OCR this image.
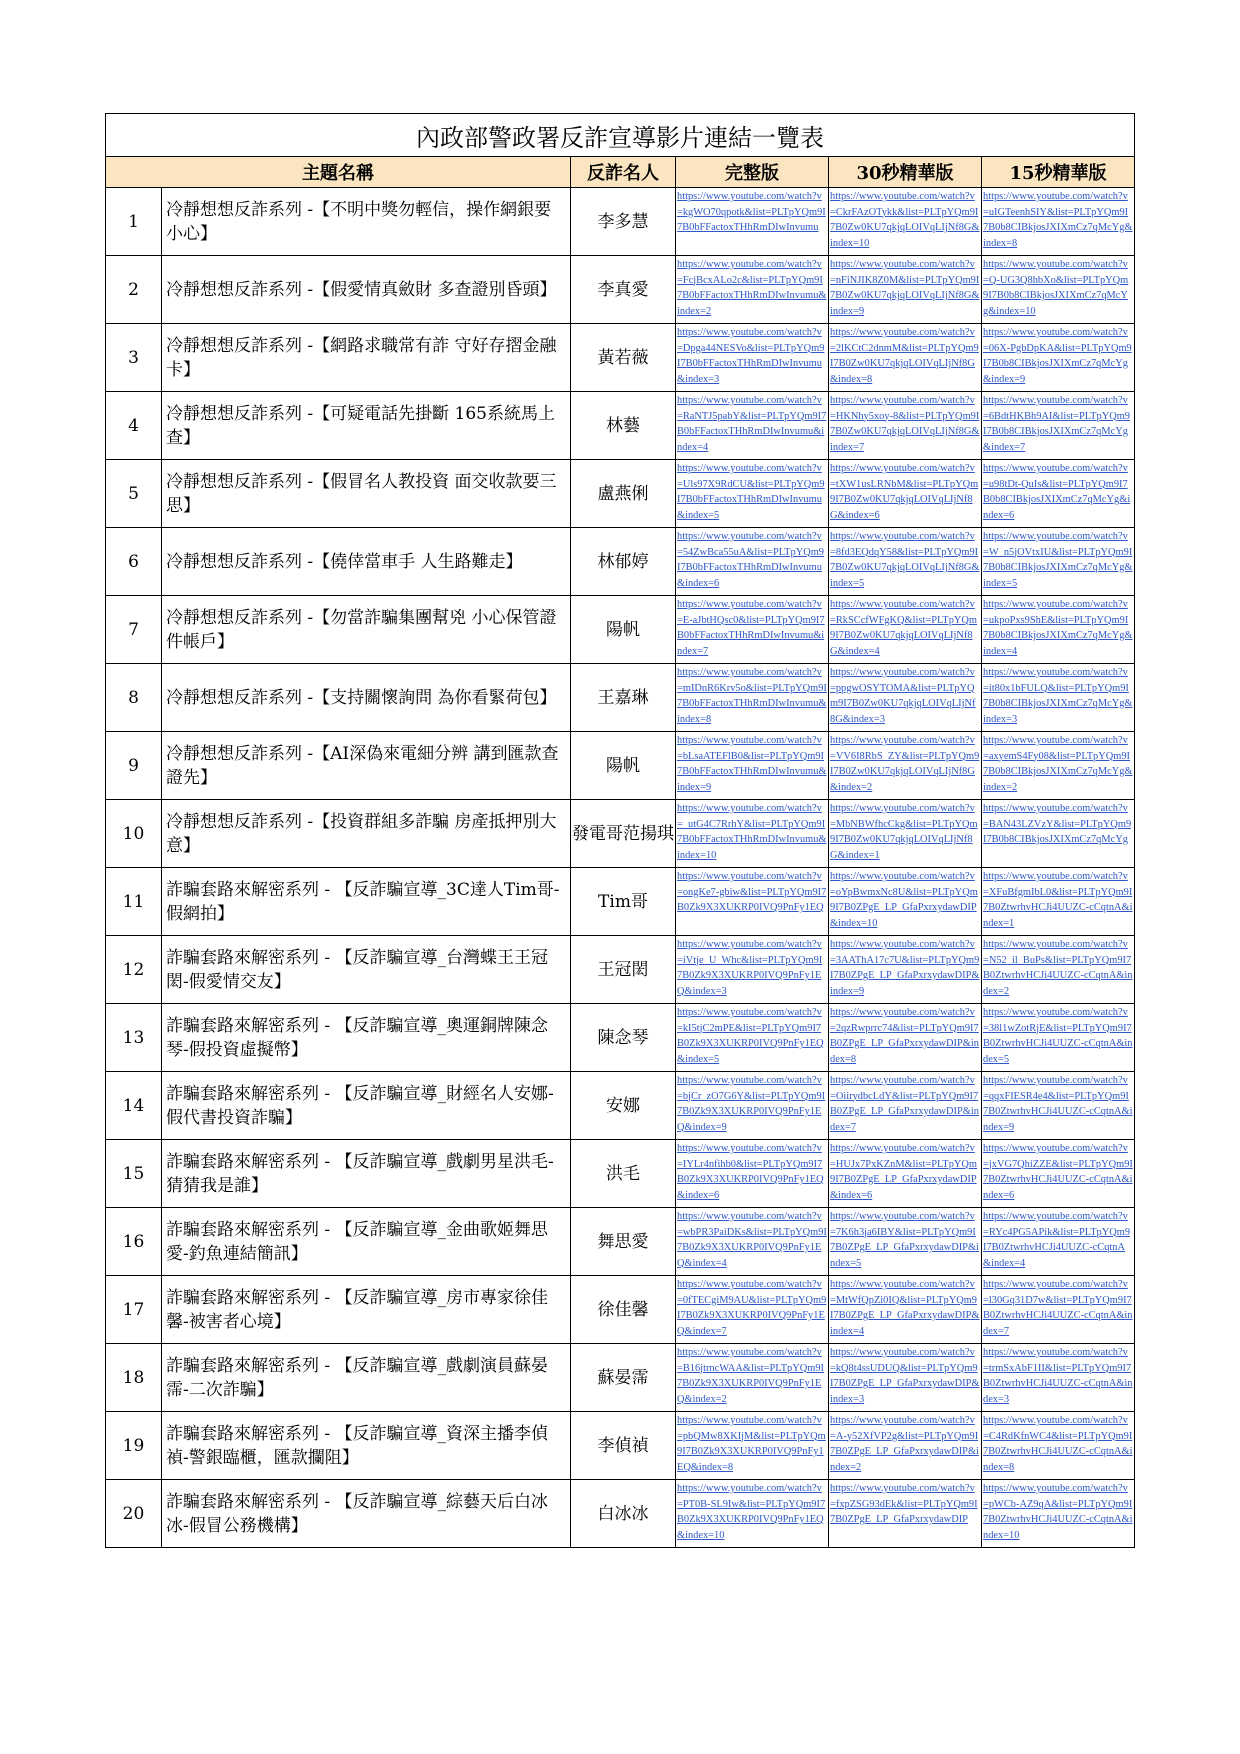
內政部警政署反詐宣導影片連結一覽表					
主題名稱		反詐名人	完整版	30秒精華版	15秒精華版
1	冷靜想想反詐系列 -【不明中獎勿輕信，操作網銀要小心】	李多慧	https://www.youtube.com/watch?v=kgWO70qpotk&list=PLTpYQm9I7B0bFFactoxTHhRmDIwInvumu	https://www.youtube.com/watch?v=CkrFAzOTykk&list=PLTpYQm9I7B0Zw0KU7qkjqLOIVqLIjNf8G&index=10	https://www.youtube.com/watch?v=uIGTeenhSIY&list=PLTpYQm9I7B0b8CIBkjosJXIXmCz7qMcYg&index=8

2	冷靜想想反詐系列 -【假愛情真斂財 多查證別昏頭】	李真愛	https://www.youtube.com/watch?v=FcjBcxALo2c&list=PLTpYQm9I7B0bFFactoxTHhRmDIwInvumu&index=2	https://www.youtube.com/watch?v=nFiNJIK8Z0M&list=PLTpYQm9I7B0Zw0KU7qkjqLOIVqLIjNf8G&index=9	https://www.youtube.com/watch?v=Q-UG3Q8hbXo&list=PLTpYQm9I7B0b8CIBkjosJXIXmCz7qMcYg&index=10

3	冷靜想想反詐系列 -【網路求職常有詐 守好存摺金融卡】	黃若薇	https://www.youtube.com/watch?v=Dpga44NESVo&list=PLTpYQm9I7B0bFFactoxTHhRmDIwInvumu&index=3	https://www.youtube.com/watch?v=2lKCtC2dnmM&list=PLTpYQm9I7B0Zw0KU7qkjqLOIVqLIjNf8G&index=8	https://www.youtube.com/watch?v=06X-PgbDpKA&list=PLTpYQm9I7B0b8CIBkjosJXIXmCz7qMcYg&index=9

4	冷靜想想反詐系列 -【可疑電話先掛斷 165系統馬上查】	林藝	https://www.youtube.com/watch?v=RaNTJ5pabY&list=PLTpYQm9I7B0bFFactoxTHhRmDIwInvumu&index=4	https://www.youtube.com/watch?v=HKNhy5xoy-8&list=PLTpYQm9I7B0Zw0KU7qkjqLOIVqLIjNf8G&index=7	https://www.youtube.com/watch?v=6BdtHKBh9AI&list=PLTpYQm9I7B0b8CIBkjosJXIXmCz7qMcYg&index=7

5	冷靜想想反詐系列 -【假冒名人教投資 面交收款要三思】	盧燕俐	https://www.youtube.com/watch?v=Uls97X9RdCU&list=PLTpYQm9I7B0bFFactoxTHhRmDIwInvumu&index=5	https://www.youtube.com/watch?v=tXW1usLRNbM&list=PLTpYQm9I7B0Zw0KU7qkjqLOIVqLIjNf8G&index=6	https://www.youtube.com/watch?v=u98tDt-QuIs&list=PLTpYQm9I7B0b8CIBkjosJXIXmCz7qMcYg&index=6

6	冷靜想想反詐系列 -【僥倖當車手 人生路難走】	林郁婷	https://www.youtube.com/watch?v=54ZwBca55uA&list=PLTpYQm9I7B0bFFactoxTHhRmDIwInvumu&index=6	https://www.youtube.com/watch?v=8fd3EQdqY58&list=PLTpYQm9I7B0Zw0KU7qkjqLOIVqLIjNf8G&index=5	https://www.youtube.com/watch?v=W_n5jOVtxIU&list=PLTpYQm9I7B0b8CIBkjosJXIXmCz7qMcYg&index=5

7	冷靜想想反詐系列 -【勿當詐騙集團幫兇 小心保管證件帳戶】	陽帆	https://www.youtube.com/watch?v=E-aJbtHQsc0&list=PLTpYQm9I7B0bFFactoxTHhRmDIwInvumu&index=7	https://www.youtube.com/watch?v=RkSCcfWFgKQ&list=PLTpYQm9I7B0Zw0KU7qkjqLOIVqLIjNf8G&index=4	https://www.youtube.com/watch?v=ukpoPxs9ShE&list=PLTpYQm9I7B0b8CIBkjosJXIXmCz7qMcYg&index=4

8	冷靜想想反詐系列 -【支持關懷詢問 為你看緊荷包】	王嘉琳	https://www.youtube.com/watch?v=mIDnR6Krv5o&list=PLTpYQm9I7B0bFFactoxTHhRmDIwInvumu&index=8	https://www.youtube.com/watch?v=ppgwOSYTOMA&list=PLTpYQm9I7B0Zw0KU7qkjqLOIVqLIjNf8G&index=3	https://www.youtube.com/watch?v=it80x1bFULQ&list=PLTpYQm9I7B0b8CIBkjosJXIXmCz7qMcYg&index=3

9	冷靜想想反詐系列 -【AI深偽來電細分辨 講到匯款查證先】	陽帆	https://www.youtube.com/watch?v=bLsaATEFlB0&list=PLTpYQm9I7B0bFFactoxTHhRmDIwInvumu&index=9	https://www.youtube.com/watch?v=VV6I8RbS_ZY&list=PLTpYQm9I7B0Zw0KU7qkjqLOIVqLIjNf8G&index=2	https://www.youtube.com/watch?v=axyemS4Fy08&list=PLTpYQm9I7B0b8CIBkjosJXIXmCz7qMcYg&index=2

10	冷靜想想反詐系列 -【投資群組多詐騙 房產抵押別大意】	發電哥范揚琪	https://www.youtube.com/watch?v=_utG4C7RrhY&list=PLTpYQm9I7B0bFFactoxTHhRmDIwInvumu&index=10	https://www.youtube.com/watch?v=MbNBWfhcCkg&list=PLTpYQm9I7B0Zw0KU7qkjqLOIVqLIjNf8G&index=1	https://www.youtube.com/watch?v=BAN43LZVzY&list=PLTpYQm9I7B0b8CIBkjosJXIXmCz7qMcYg

11	詐騙套路來解密系列 - 【反詐騙宣導_3C達人Tim哥-假網拍】	Tim哥	https://www.youtube.com/watch?v=ongKe7-gbiw&list=PLTpYQm9I7B0Zk9X3XUKRP0IVQ9PnFy1EQ	https://www.youtube.com/watch?v=oYpBwmxNc8U&list=PLTpYQm9I7B0ZPgE_LP_GfaPxrxydawDIP&index=10	https://www.youtube.com/watch?v=XFuBfgmIbL0&list=PLTpYQm9I7B0ZtwrhvHCJi4UUZC-cCqtnA&index=1

12	詐騙套路來解密系列 - 【反詐騙宣導_台灣蝶王王冠閎-假愛情交友】	王冠閎	https://www.youtube.com/watch?v=iVtje_U_Whc&list=PLTpYQm9I7B0Zk9X3XUKRP0IVQ9PnFy1EQ&index=3	https://www.youtube.com/watch?v=3AAThA17c7U&list=PLTpYQm9I7B0ZPgE_LP_GfaPxrxydawDIP&index=9	https://www.youtube.com/watch?v=N52_il_BuPs&list=PLTpYQm9I7B0ZtwrhvHCJi4UUZC-cCqtnA&index=2

13	詐騙套路來解密系列 - 【反詐騙宣導_奧運銅牌陳念琴-假投資虛擬幣】	陳念琴	https://www.youtube.com/watch?v=kI5tjC2mPE&list=PLTpYQm9I7B0Zk9X3XUKRP0IVQ9PnFy1EQ&index=5	https://www.youtube.com/watch?v=2qzRwprrc74&list=PLTpYQm9I7B0ZPgE_LP_GfaPxrxydawDIP&index=8	https://www.youtube.com/watch?v=38l1wZotRjE&list=PLTpYQm9I7B0ZtwrhvHCJi4UUZC-cCqtnA&index=5

14	詐騙套路來解密系列 - 【反詐騙宣導_財經名人安娜-假代書投資詐騙】	安娜	https://www.youtube.com/watch?v=bjCr_zO7G6Y&list=PLTpYQm9I7B0Zk9X3XUKRP0IVQ9PnFy1EQ&index=9	https://www.youtube.com/watch?v=OiirydbcLdY&list=PLTpYQm9I7B0ZPgE_LP_GfaPxrxydawDIP&index=7	https://www.youtube.com/watch?v=qqxFIESR4e4&list=PLTpYQm9I7B0ZtwrhvHCJi4UUZC-cCqtnA&index=9

15	詐騙套路來解密系列 - 【反詐騙宣導_戲劇男星洪毛-猜猜我是誰】	洪毛	https://www.youtube.com/watch?v=IYLr4nfihb0&list=PLTpYQm9I7B0Zk9X3XUKRP0IVQ9PnFy1EQ&index=6	https://www.youtube.com/watch?v=HUJx7PxKZnM&list=PLTpYQm9I7B0ZPgE_LP_GfaPxrxydawDIP&index=6	https://www.youtube.com/watch?v=jxVG7QhiZZE&list=PLTpYQm9I7B0ZtwrhvHCJi4UUZC-cCqtnA&index=6

16	詐騙套路來解密系列 - 【反詐騙宣導_金曲歌姬舞思愛-釣魚連結簡訊】	舞思愛	https://www.youtube.com/watch?v=wbPR3PaiDKs&list=PLTpYQm9I7B0Zk9X3XUKRP0IVQ9PnFy1EQ&index=4	https://www.youtube.com/watch?v=7K6h3ja6IBY&list=PLTpYQm9I7B0ZPgE_LP_GfaPxrxydawDIP&index=5	https://www.youtube.com/watch?v=RYc4PG5APik&list=PLTpYQm9I7B0ZtwrhvHCJi4UUZC-cCqtnA&index=4

17	詐騙套路來解密系列 - 【反詐騙宣導_房市專家徐佳馨-被害者心境】	徐佳馨	https://www.youtube.com/watch?v=0fTECgiM9AU&list=PLTpYQm9I7B0Zk9X3XUKRP0IVQ9PnFy1EQ&index=7	https://www.youtube.com/watch?v=MtWfQpZi0IQ&list=PLTpYQm9I7B0ZPgE_LP_GfaPxrxydawDIP&index=4	https://www.youtube.com/watch?v=l30Gq31D7w&list=PLTpYQm9I7B0ZtwrhvHCJi4UUZC-cCqtnA&index=7

18	詐騙套路來解密系列 - 【反詐騙宣導_戲劇演員蘇晏霈-二次詐騙】	蘇晏霈	https://www.youtube.com/watch?v=B16jtrncWAA&list=PLTpYQm9I7B0Zk9X3XUKRP0IVQ9PnFy1EQ&index=2	https://www.youtube.com/watch?v=kQ8t4ssUDUQ&list=PLTpYQm9I7B0ZPgE_LP_GfaPxrxydawDIP&index=3	https://www.youtube.com/watch?v=trmSxAbF1II&list=PLTpYQm9I7B0ZtwrhvHCJi4UUZC-cCqtnA&index=3

19	詐騙套路來解密系列 - 【反詐騙宣導_資深主播李偵禎-警銀臨櫃，匯款攔阻】	李偵禎	https://www.youtube.com/watch?v=pbQMw8XKIjM&list=PLTpYQm9I7B0Zk9X3XUKRP0IVQ9PnFy1EQ&index=8	https://www.youtube.com/watch?v=A-y52XfVP2g&list=PLTpYQm9I7B0ZPgE_LP_GfaPxrxydawDIP&index=2	https://www.youtube.com/watch?v=C4RdKfnWC4&list=PLTpYQm9I7B0ZtwrhvHCJi4UUZC-cCqtnA&index=8

20	詐騙套路來解密系列 - 【反詐騙宣導_綜藝天后白冰冰-假冒公務機構】	白冰冰	https://www.youtube.com/watch?v=PT0B-SL9Iw&list=PLTpYQm9I7B0Zk9X3XUKRP0IVQ9PnFy1EQ&index=10	https://www.youtube.com/watch?v=fxpZSG93dEk&list=PLTpYQm9I7B0ZPgE_LP_GfaPxrxydawDIP	https://www.youtube.com/watch?v=pWCb-AZ9qA&list=PLTpYQm9I7B0ZtwrhvHCJi4UUZC-cCqtnA&index=10
